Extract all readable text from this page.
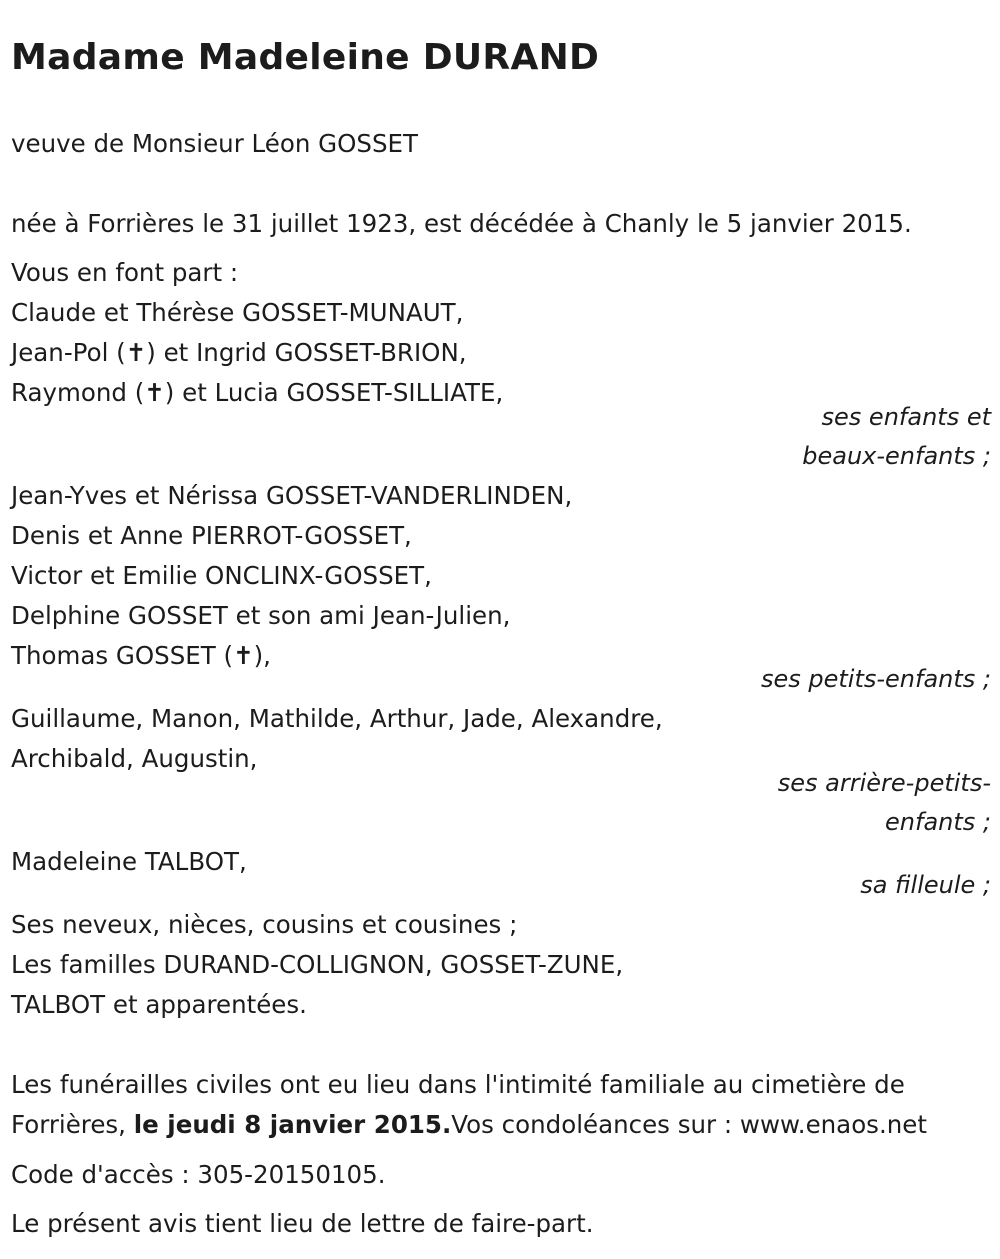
Madame Madeleine DURAND
veuve de Monsieur Léon GOSSET
née à Forrières le 31 juillet 1923, est décédée à Chanly le 5 janvier 2015.
Vous en font part :
Claude et Thérèse GOSSET-MUNAUT,
Jean-Pol (✝) et Ingrid GOSSET-BRION,
Raymond (✝) et Lucia GOSSET-SILLIATE,
ses enfants et
beaux-enfants ;
Jean-Yves et Nérissa GOSSET-VANDERLINDEN,
Denis et Anne PIERROT-GOSSET,
Victor et Emilie ONCLINX-GOSSET,
Delphine GOSSET et son ami Jean-Julien,
Thomas GOSSET (✝),
ses petits-enfants ;
Guillaume, Manon, Mathilde, Arthur, Jade, Alexandre,
Archibald, Augustin,
ses arrière-petits-
enfants ;
Madeleine TALBOT,
sa filleule ;
Ses neveux, nièces, cousins et cousines ;
Les familles DURAND-COLLIGNON, GOSSET-ZUNE,
TALBOT et apparentées.
Les funérailles civiles ont eu lieu dans l'intimité familiale au cimetière de
Forrières, le jeudi 8 janvier 2015.Vos condoléances sur : www.enaos.net
Code d'accès : 305-20150105.
Le présent avis tient lieu de lettre de faire-part.
